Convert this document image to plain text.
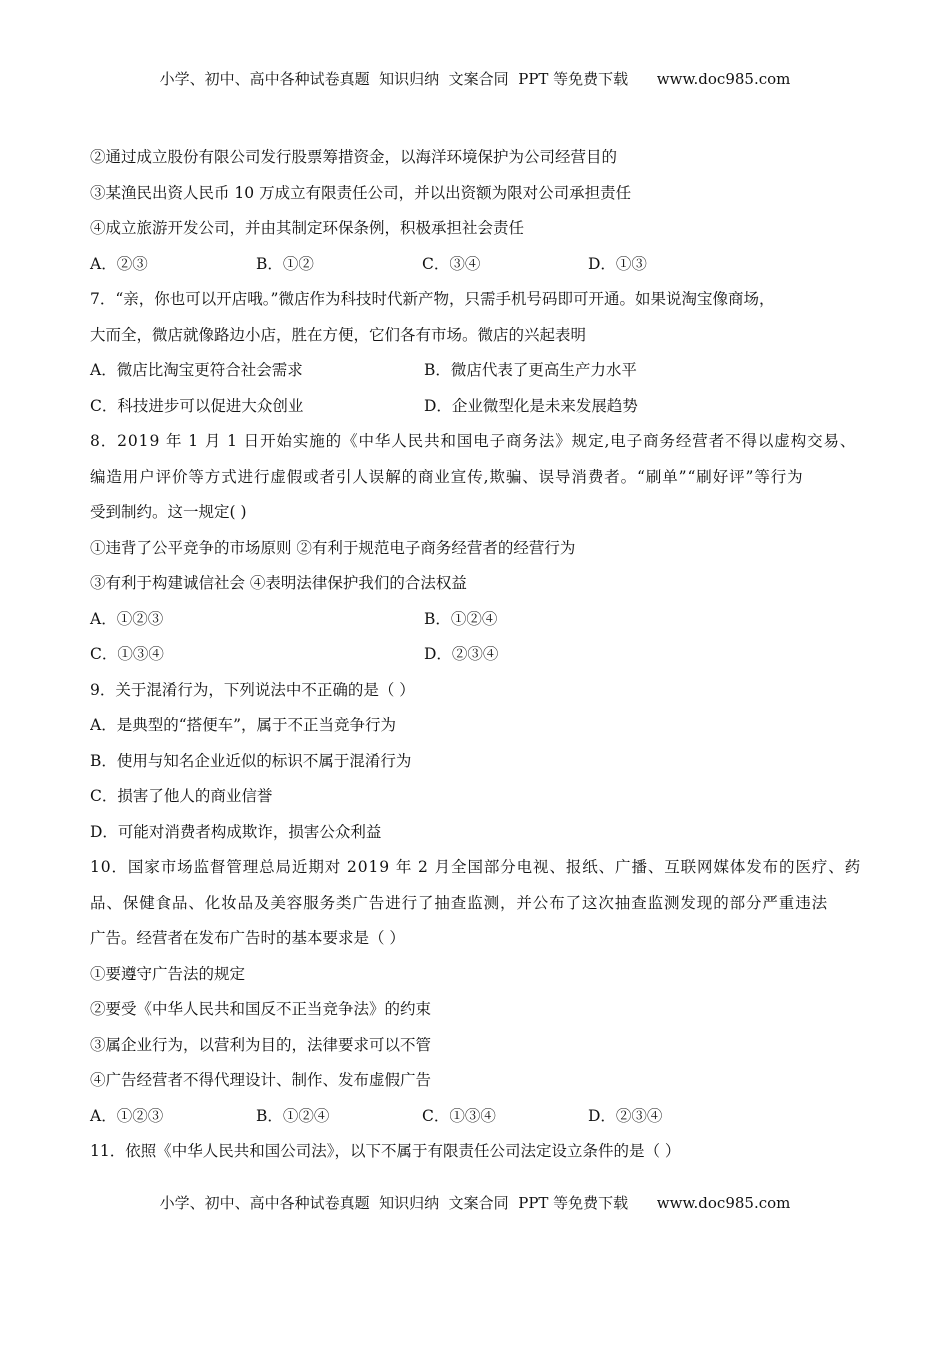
小学、初中、高中各种试卷真题  知识归纳  文案合同  PPT 等免费下载      www.doc985.com
②通过成立股份有限公司发行股票筹措资金，以海洋环境保护为公司经营目的
③某渔民出资人民币 10 万成立有限责任公司，并以出资额为限对公司承担责任
④成立旅游开发公司，并由其制定环保条例，积极承担社会责任
A．②③	B．①②	C．③④	D．①③
7．“亲，你也可以开店哦。”微店作为科技时代新产物，只需手机号码即可开通。如果说淘宝像商场，
大而全，微店就像路边小店，胜在方便，它们各有市场。微店的兴起表明
A．微店比淘宝更符合社会需求	B．微店代表了更高生产力水平
C．科技进步可以促进大众创业	D．企业微型化是未来发展趋势
8．2019 年 1 月 1 日开始实施的《中华人民共和国电子商务法》规定,电子商务经营者不得以虚构交易、
编造用户评价等方式进行虚假或者引人误解的商业宣传,欺骗、误导消费者。“刷单”“刷好评”等行为
受到制约。这一规定( )
①违背了公平竞争的市场原则 ②有利于规范电子商务经营者的经营行为
③有利于构建诚信社会 ④表明法律保护我们的合法权益
A．①②③	B．①②④
C．①③④	D．②③④
9．关于混淆行为，下列说法中不正确的是（ ）
A．是典型的“搭便车”，属于不正当竞争行为
B．使用与知名企业近似的标识不属于混淆行为
C．损害了他人的商业信誉
D．可能对消费者构成欺诈，损害公众利益
10．国家市场监督管理总局近期对 2019 年 2 月全国部分电视、报纸、广播、互联网媒体发布的医疗、药
品、保健食品、化妆品及美容服务类广告进行了抽查监测，并公布了这次抽查监测发现的部分严重违法
广告。经营者在发布广告时的基本要求是（ ）
①要遵守广告法的规定
②要受《中华人民共和国反不正当竞争法》的约束
③属企业行为，以营利为目的，法律要求可以不管
④广告经营者不得代理设计、制作、发布虚假广告
A．①②③	B．①②④	C．①③④	D．②③④
11．依照《中华人民共和国公司法》，以下不属于有限责任公司法定设立条件的是（ ）
小学、初中、高中各种试卷真题  知识归纳  文案合同  PPT 等免费下载      www.doc985.com
